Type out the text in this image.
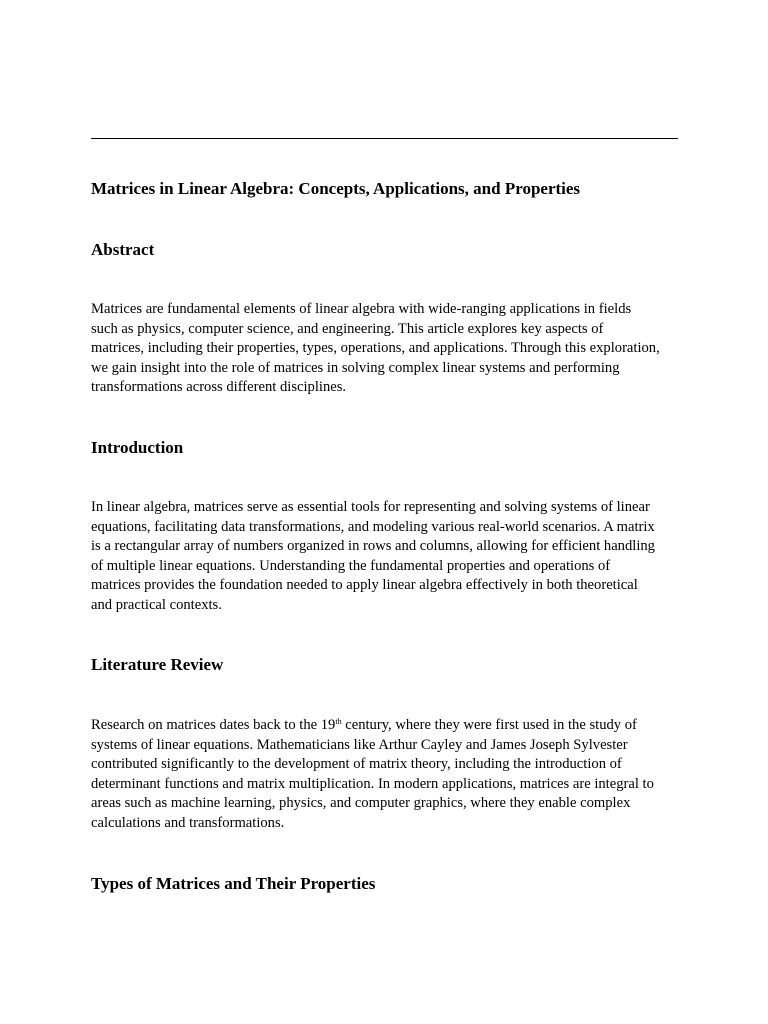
Matrices in Linear Algebra: Concepts, Applications, and Properties
Abstract

Matrices are fundamental elements of linear algebra with wide-ranging applications in fields
such as physics, computer science, and engineering. This article explores key aspects of
matrices, including their properties, types, operations, and applications. Through this exploration,
we gain insight into the role of matrices in solving complex linear systems and performing
transformations across different disciplines.

Introduction

In linear algebra, matrices serve as essential tools for representing and solving systems of linear
equations, facilitating data transformations, and modeling various real-world scenarios. A matrix
is a rectangular array of numbers organized in rows and columns, allowing for efficient handling
of multiple linear equations. Understanding the fundamental properties and operations of
matrices provides the foundation needed to apply linear algebra effectively in both theoretical
and practical contexts.

Literature Review

Research on matrices dates back to the 19th century, where they were first used in the study of
systems of linear equations. Mathematicians like Arthur Cayley and James Joseph Sylvester
contributed significantly to the development of matrix theory, including the introduction of
determinant functions and matrix multiplication. In modern applications, matrices are integral to
areas such as machine learning, physics, and computer graphics, where they enable complex
calculations and transformations.

Types of Matrices and Their Properties
